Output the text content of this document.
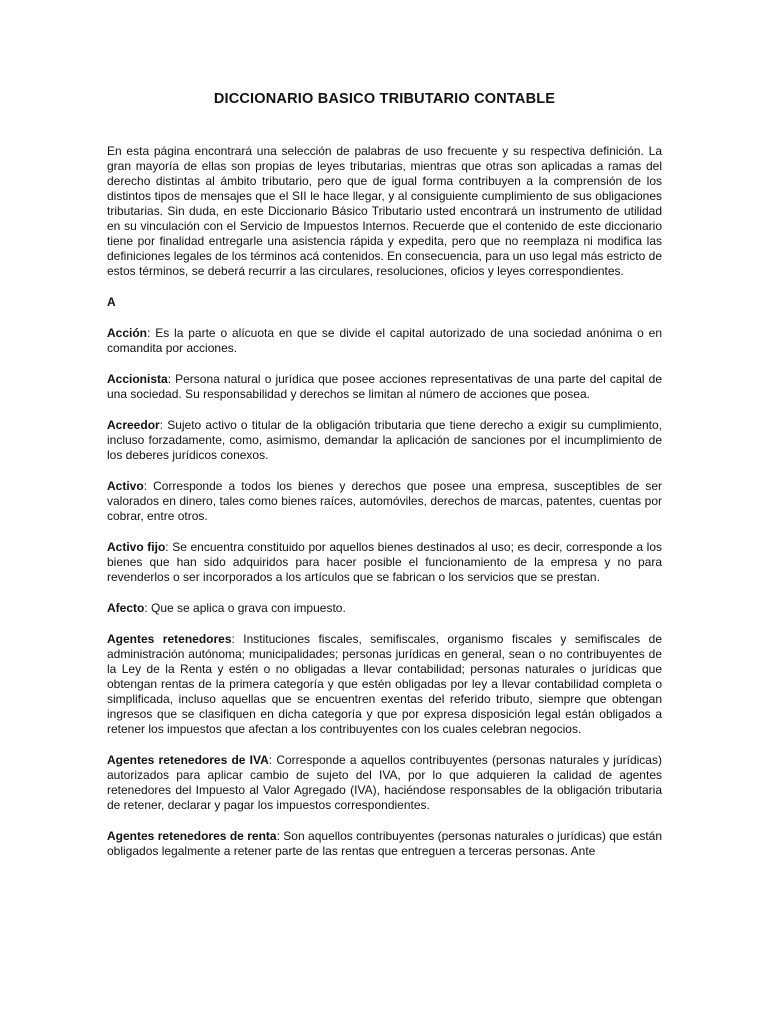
DICCIONARIO BASICO TRIBUTARIO CONTABLE

En esta página encontrará una selección de palabras de uso frecuente y su respectiva definición. La gran mayoría de ellas son propias de leyes tributarias, mientras que otras son aplicadas a ramas del derecho distintas al ámbito tributario, pero que de igual forma contribuyen a la comprensión de los distintos tipos de mensajes que el SII le hace llegar, y al consiguiente cumplimiento de sus obligaciones tributarias. Sin duda, en este Diccionario Básico Tributario usted encontrará un instrumento de utilidad en su vinculación con el Servicio de Impuestos Internos. Recuerde que el contenido de este diccionario tiene por finalidad entregarle una asistencia rápida y expedita, pero que no reemplaza ni modifica las definiciones legales de los términos acá contenidos. En consecuencia, para un uso legal más estricto de estos términos, se deberá recurrir a las circulares, resoluciones, oficios y leyes correspondientes.

A

Acción: Es la parte o alícuota en que se divide el capital autorizado de una sociedad anónima o en comandita por acciones.

Accionista: Persona natural o jurídica que posee acciones representativas de una parte del capital de una sociedad. Su responsabilidad y derechos se limitan al número de acciones que posea.

Acreedor: Sujeto activo o titular de la obligación tributaria que tiene derecho a exigir su cumplimiento, incluso forzadamente, como, asimismo, demandar la aplicación de sanciones por el incumplimiento de los deberes jurídicos conexos.

Activo: Corresponde a todos los bienes y derechos que posee una empresa, susceptibles de ser valorados en dinero, tales como bienes raíces, automóviles, derechos de marcas, patentes, cuentas por cobrar, entre otros.

Activo fijo: Se encuentra constituido por aquellos bienes destinados al uso; es decir, corresponde a los bienes que han sido adquiridos para hacer posible el funcionamiento de la empresa y no para revenderlos o ser incorporados a los artículos que se fabrican o los servicios que se prestan.

Afecto: Que se aplica o grava con impuesto.

Agentes retenedores: Instituciones fiscales, semifiscales, organismo fiscales y semifiscales de administración autónoma; municipalidades; personas jurídicas en general, sean o no contribuyentes de la Ley de la Renta y estén o no obligadas a llevar contabilidad; personas naturales o jurídicas que obtengan rentas de la primera categoría y que estén obligadas por ley a llevar contabilidad completa o simplificada, incluso aquellas que se encuentren exentas del referido tributo, siempre que obtengan ingresos que se clasifiquen en dicha categoría y que por expresa disposición legal están obligados a retener los impuestos que afectan a los contribuyentes con los cuales celebran negocios.

Agentes retenedores de IVA: Corresponde a aquellos contribuyentes (personas naturales y jurídicas) autorizados para aplicar cambio de sujeto del IVA, por lo que adquieren la calidad de agentes retenedores del Impuesto al Valor Agregado (IVA), haciéndose responsables de la obligación tributaria de retener, declarar y pagar los impuestos correspondientes.

Agentes retenedores de renta: Son aquellos contribuyentes (personas naturales o jurídicas) que están obligados legalmente a retener parte de las rentas que entreguen a terceras personas. Ante
